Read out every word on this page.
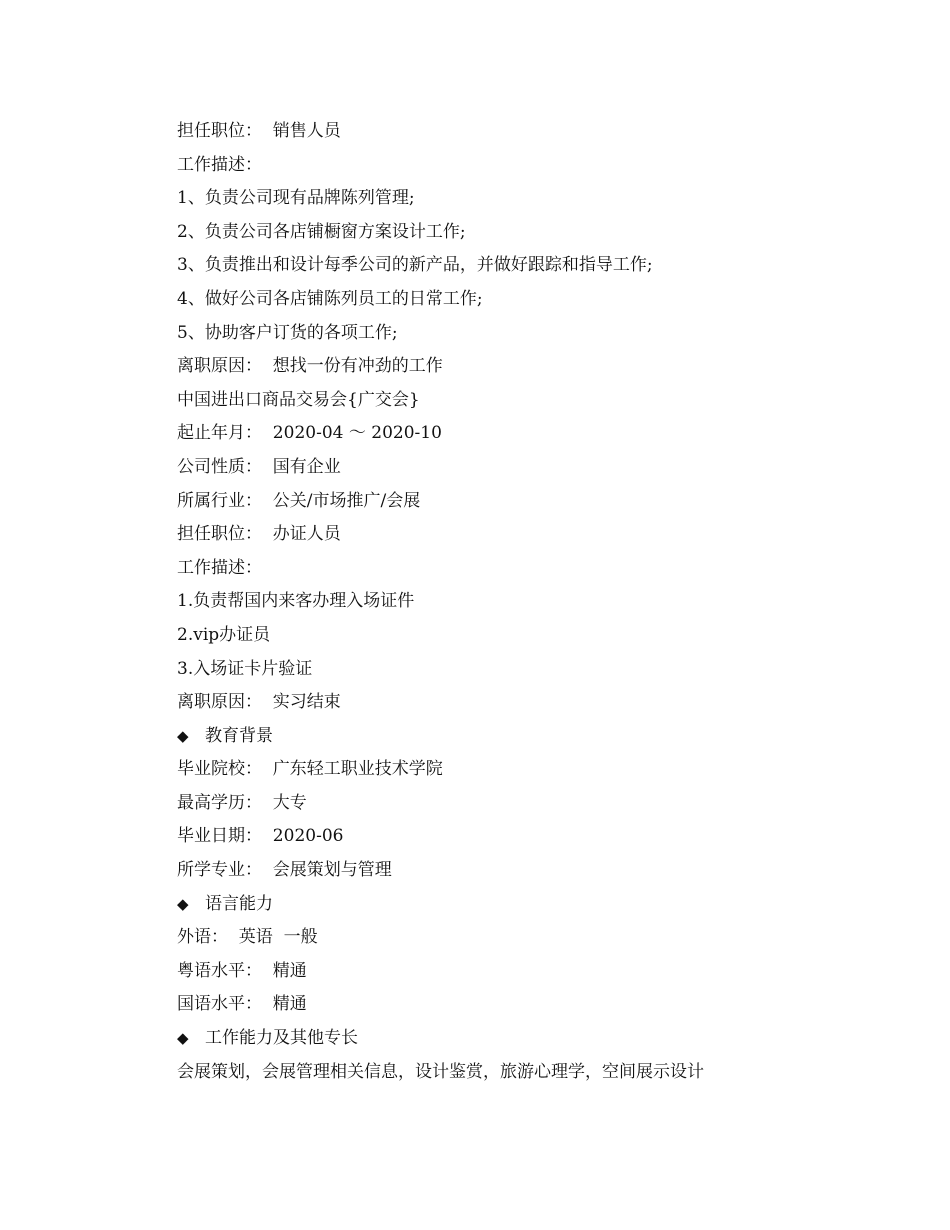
担任职位：  销售人员
工作描述：
1、负责公司现有品牌陈列管理;
2、负责公司各店铺橱窗方案设计工作;
3、负责推出和设计每季公司的新产品，并做好跟踪和指导工作;
4、做好公司各店铺陈列员工的日常工作;
5、协助客户订货的各项工作;
离职原因：  想找一份有冲劲的工作
中国进出口商品交易会{广交会}
起止年月：  2020-04 ～ 2020-10
公司性质：  国有企业
所属行业：  公关/市场推广/会展
担任职位：  办证人员
工作描述：
1.负责帮国内来客办理入场证件
2.vip办证员
3.入场证卡片验证
离职原因：  实习结束
◆ 教育背景
毕业院校：  广东轻工职业技术学院
最高学历：  大专
毕业日期：  2020-06
所学专业：  会展策划与管理
◆ 语言能力
外语：  英语  一般
粤语水平：  精通
国语水平：  精通
◆ 工作能力及其他专长
会展策划，会展管理相关信息，设计鉴赏，旅游心理学，空间展示设计
